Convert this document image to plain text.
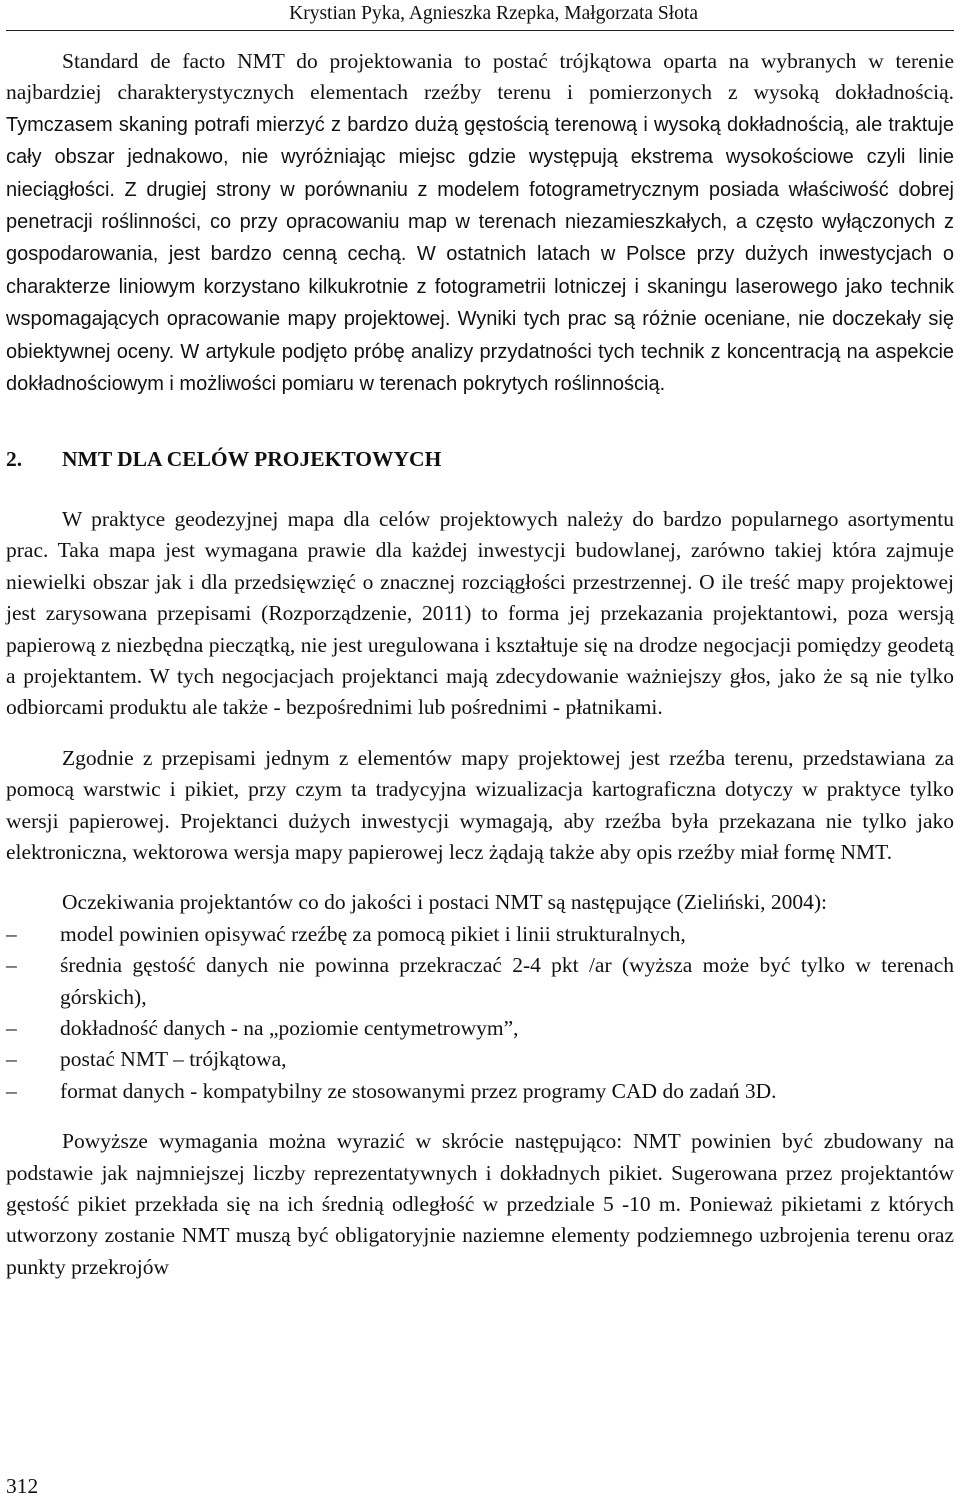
Krystian Pyka, Agnieszka Rzepka, Małgorzata Słota

Standard de facto NMT do projektowania to postać trójkątowa oparta na wybranych w terenie najbardziej charakterystycznych elementach rzeźby terenu i pomierzonych z wysoką dokładnością. Tymczasem skaning potrafi mierzyć z bardzo dużą gęstością terenową i wysoką dokładnością, ale traktuje cały obszar jednakowo, nie wyróżniając miejsc gdzie występują ekstrema wysokościowe czyli linie nieciągłości. Z drugiej strony w porównaniu z modelem fotogrametrycznym posiada właściwość dobrej penetracji roślinności, co przy opracowaniu map w terenach niezamieszkałych, a często wyłączonych z gospodarowania, jest bardzo cenną cechą. W ostatnich latach w Polsce przy dużych inwestycjach o charakterze liniowym korzystano kilkukrotnie z fotogrametrii lotniczej i skaningu laserowego jako technik wspomagających opracowanie mapy projektowej. Wyniki tych prac są różnie oceniane, nie doczekały się obiektywnej oceny. W artykule podjęto próbę analizy przydatności tych technik z koncentracją na aspekcie dokładnościowym i możliwości pomiaru w terenach pokrytych roślinnością.

2.	NMT DLA CELÓW PROJEKTOWYCH

W praktyce geodezyjnej mapa dla celów projektowych należy do bardzo popularnego asortymentu prac. Taka mapa jest wymagana prawie dla każdej inwestycji budowlanej, zarówno takiej która zajmuje niewielki obszar jak i dla przedsięwzięć o znacznej rozciągłości przestrzennej. O ile treść mapy projektowej jest zarysowana przepisami (Rozporządzenie, 2011) to forma jej przekazania projektantowi, poza wersją papierową z niezbędna pieczątką, nie jest uregulowana i kształtuje się na drodze negocjacji pomiędzy geodetą a projektantem. W tych negocjacjach projektanci mają zdecydowanie ważniejszy głos, jako że są nie tylko odbiorcami produktu ale także - bezpośrednimi lub pośrednimi - płatnikami.

Zgodnie z przepisami jednym z elementów mapy projektowej jest rzeźba terenu, przedstawiana za pomocą warstwic i pikiet, przy czym ta tradycyjna wizualizacja kartograficzna dotyczy w praktyce tylko wersji papierowej. Projektanci dużych inwestycji wymagają, aby rzeźba była przekazana nie tylko jako elektroniczna, wektorowa wersja mapy papierowej lecz żądają także aby opis rzeźby miał formę NMT.

Oczekiwania projektantów co do jakości i postaci NMT są następujące (Zieliński, 2004):

– model powinien opisywać rzeźbę za pomocą pikiet i linii strukturalnych,
– średnia gęstość danych nie powinna przekraczać 2-4 pkt /ar (wyższa może być tylko w terenach górskich),
– dokładność danych - na „poziomie centymetrowym”,
– postać NMT – trójkątowa,
– format danych - kompatybilny ze stosowanymi przez programy CAD do zadań 3D.

Powyższe wymagania można wyrazić w skrócie następująco: NMT powinien być zbudowany na podstawie jak najmniejszej liczby reprezentatywnych i dokładnych pikiet. Sugerowana przez projektantów gęstość pikiet przekłada się na ich średnią odległość w przedziale 5 -10 m. Ponieważ pikietami z których utworzony zostanie NMT muszą być obligatoryjnie naziemne elementy podziemnego uzbrojenia terenu oraz punkty przekrojów

312
